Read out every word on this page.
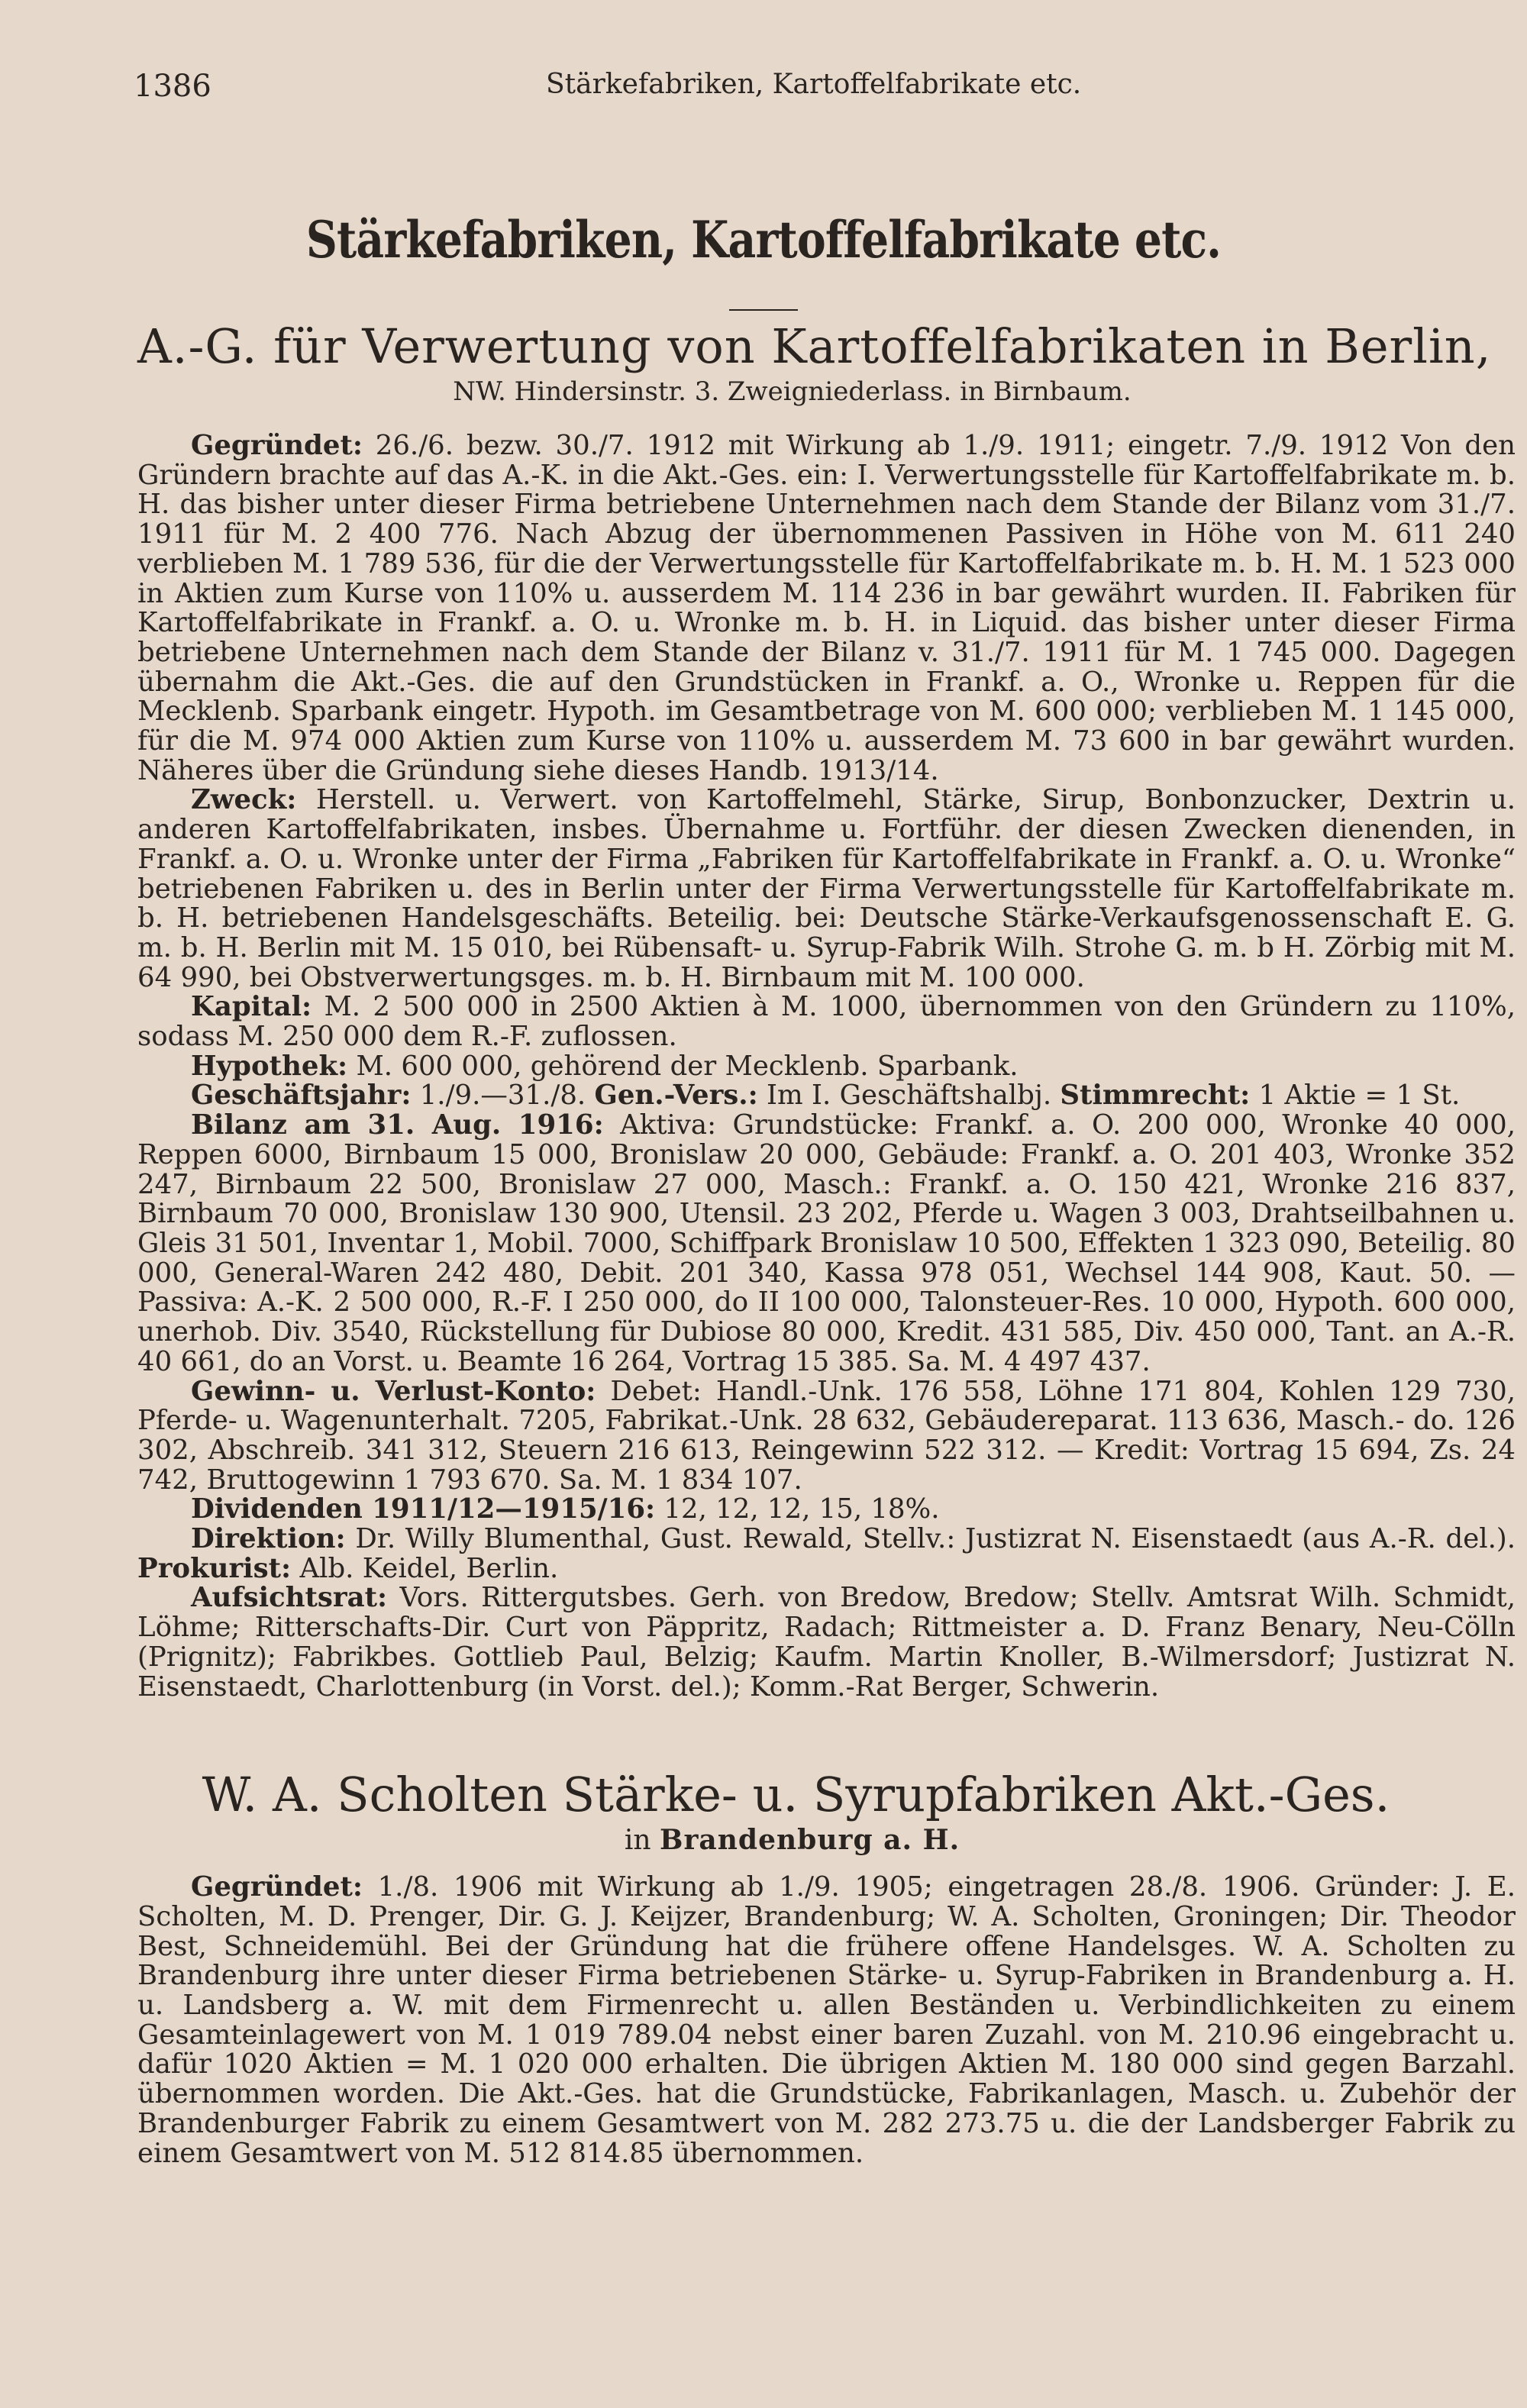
1386	Stärkefabriken, Kartoffelfabrikate etc.
Stärkefabriken, Kartoffelfabrikate etc.
A.-G. für Verwertung von Kartoffelfabrikaten in Berlin,
NW. Hindersinstr. 3. Zweigniederlass. in Birnbaum.

Gegründet: 26./6. bezw. 30./7. 1912 mit Wirkung ab 1./9. 1911; eingetr. 7./9. 1912 Von den Gründern brachte auf das A.-K. in die Akt.-Ges. ein: I. Verwertungsstelle für Kartoffelfabrikate m. b. H. das bisher unter dieser Firma betriebene Unternehmen nach dem Stande der Bilanz vom 31./7. 1911 für M. 2 400 776. Nach Abzug der übernommenen Passiven in Höhe von M. 611 240 verblieben M. 1 789 536, für die der Verwertungsstelle für Kartoffelfabrikate m. b. H. M. 1 523 000 in Aktien zum Kurse von 110% u. ausserdem M. 114 236 in bar gewährt wurden. II. Fabriken für Kartoffelfabrikate in Frankf. a. O. u. Wronke m. b. H. in Liquid. das bisher unter dieser Firma betriebene Unternehmen nach dem Stande der Bilanz v. 31./7. 1911 für M. 1 745 000. Dagegen übernahm die Akt.-Ges. die auf den Grundstücken in Frankf. a. O., Wronke u. Reppen für die Mecklenb. Sparbank eingetr. Hypoth. im Gesamtbetrage von M. 600 000; verblieben M. 1 145 000, für die M. 974 000 Aktien zum Kurse von 110% u. ausserdem M. 73 600 in bar gewährt wurden. Näheres über die Gründung siehe dieses Handb. 1913/14.

Zweck: Herstell. u. Verwert. von Kartoffelmehl, Stärke, Sirup, Bonbonzucker, Dextrin u. anderen Kartoffelfabrikaten, insbes. Übernahme u. Fortführ. der diesen Zwecken dienenden, in Frankf. a. O. u. Wronke unter der Firma „Fabriken für Kartoffelfabrikate in Frankf. a. O. u. Wronke“ betriebenen Fabriken u. des in Berlin unter der Firma Verwertungsstelle für Kartoffelfabrikate m. b. H. betriebenen Handelsgeschäfts. Beteilig. bei: Deutsche Stärke-Verkaufsgenossenschaft E. G. m. b. H. Berlin mit M. 15 010, bei Rübensaft- u. Syrup-Fabrik Wilh. Strohe G. m. b H. Zörbig mit M. 64 990, bei Obstverwertungsges. m. b. H. Birnbaum mit M. 100 000.

Kapital: M. 2 500 000 in 2500 Aktien à M. 1000, übernommen von den Gründern zu 110%, sodass M. 250 000 dem R.-F. zuflossen.

Hypothek: M. 600 000, gehörend der Mecklenb. Sparbank.

Geschäftsjahr: 1./9.—31./8. Gen.-Vers.: Im I. Geschäftshalbj. Stimmrecht: 1 Aktie = 1 St.

Bilanz am 31. Aug. 1916: Aktiva: Grundstücke: Frankf. a. O. 200 000, Wronke 40 000, Reppen 6000, Birnbaum 15 000, Bronislaw 20 000, Gebäude: Frankf. a. O. 201 403, Wronke 352 247, Birnbaum 22 500, Bronislaw 27 000, Masch.: Frankf. a. O. 150 421, Wronke 216 837, Birnbaum 70 000, Bronislaw 130 900, Utensil. 23 202, Pferde u. Wagen 3 003, Drahtseilbahnen u. Gleis 31 501, Inventar 1, Mobil. 7000, Schiffpark Bronislaw 10 500, Effekten 1 323 090, Beteilig. 80 000, General-Waren 242 480, Debit. 201 340, Kassa 978 051, Wechsel 144 908, Kaut. 50. — Passiva: A.-K. 2 500 000, R.-F. I 250 000, do II 100 000, Talonsteuer-Res. 10 000, Hypoth. 600 000, unerhob. Div. 3540, Rückstellung für Dubiose 80 000, Kredit. 431 585, Div. 450 000, Tant. an A.-R. 40 661, do an Vorst. u. Beamte 16 264, Vortrag 15 385. Sa. M. 4 497 437.

Gewinn- u. Verlust-Konto: Debet: Handl.-Unk. 176 558, Löhne 171 804, Kohlen 129 730, Pferde- u. Wagenunterhalt. 7205, Fabrikat.-Unk. 28 632, Gebäudereparat. 113 636, Masch.- do. 126 302, Abschreib. 341 312, Steuern 216 613, Reingewinn 522 312. — Kredit: Vortrag 15 694, Zs. 24 742, Bruttogewinn 1 793 670. Sa. M. 1 834 107.

Dividenden 1911/12—1915/16: 12, 12, 12, 15, 18%.

Direktion: Dr. Willy Blumenthal, Gust. Rewald, Stellv.: Justizrat N. Eisenstaedt (aus A.-R. del.). Prokurist: Alb. Keidel, Berlin.

Aufsichtsrat: Vors. Rittergutsbes. Gerh. von Bredow, Bredow; Stellv. Amtsrat Wilh. Schmidt, Löhme; Ritterschafts-Dir. Curt von Päppritz, Radach; Rittmeister a. D. Franz Benary, Neu-Cölln (Prignitz); Fabrikbes. Gottlieb Paul, Belzig; Kaufm. Martin Knoller, B.-Wilmersdorf; Justizrat N. Eisenstaedt, Charlottenburg (in Vorst. del.); Komm.-Rat Berger, Schwerin.

W. A. Scholten Stärke- u. Syrupfabriken Akt.-Ges.
in Brandenburg a. H.

Gegründet: 1./8. 1906 mit Wirkung ab 1./9. 1905; eingetragen 28./8. 1906. Gründer: J. E. Scholten, M. D. Prenger, Dir. G. J. Keijzer, Brandenburg; W. A. Scholten, Groningen; Dir. Theodor Best, Schneidemühl. Bei der Gründung hat die frühere offene Handelsges. W. A. Scholten zu Brandenburg ihre unter dieser Firma betriebenen Stärke- u. Syrup-Fabriken in Brandenburg a. H. u. Landsberg a. W. mit dem Firmenrecht u. allen Beständen u. Verbindlichkeiten zu einem Gesamteinlagewert von M. 1 019 789.04 nebst einer baren Zuzahl. von M. 210.96 eingebracht u. dafür 1020 Aktien = M. 1 020 000 erhalten. Die übrigen Aktien M. 180 000 sind gegen Barzahl. übernommen worden. Die Akt.-Ges. hat die Grundstücke, Fabrikanlagen, Masch. u. Zubehör der Brandenburger Fabrik zu einem Gesamtwert von M. 282 273.75 u. die der Landsberger Fabrik zu einem Gesamtwert von M. 512 814.85 übernommen.
